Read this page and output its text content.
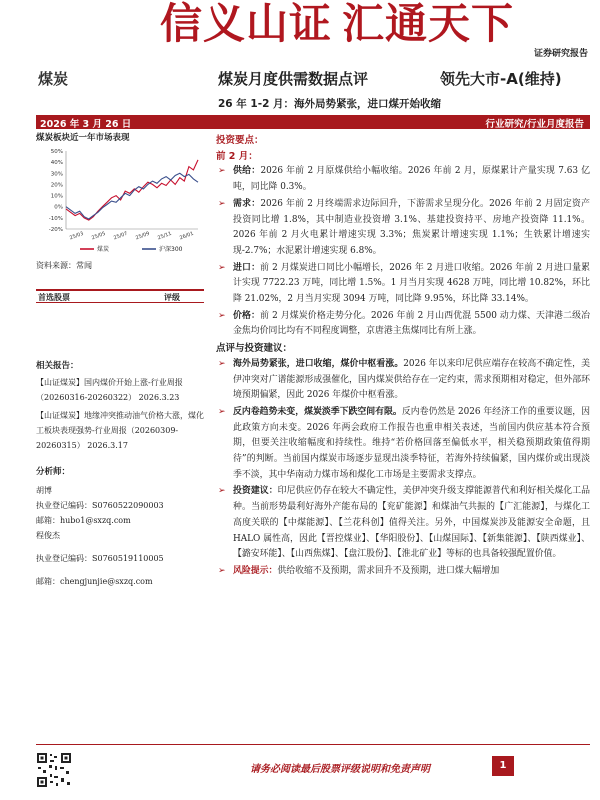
信义山证 汇通天下
证券研究报告
煤炭	煤炭月度供需数据点评	领先大市-A(维持)
26 年 1-2 月：海外局势紧张，进口煤开始收缩
2026 年 3 月 26 日	行业研究/行业月度报告
煤炭板块近一年市场表现
-20%
-10%
0%
10%
20%
30%
40%
50%
25/03 25/05 25/07 25/09 25/11 26/01
煤炭	沪深300
资料来源：常闻
首选股票	评级
相关报告：

【山证煤炭】国内煤价开始上涨-行业周报（20260316-20260322） 2026.3.23

【山证煤炭】地缘冲突推动油气价格大涨，煤化工板块表现强势-行业周报（20260309-20260315） 2026.3.17

分析师：
胡博
执业登记编码：S0760522090003
邮箱：hubo1@sxzq.com
程俊杰
执业登记编码：S0760519110005
邮箱：chengjunjie@sxzq.com
投资要点：
前 2 月：

➢ 供给：2026 年前 2 月原煤供给小幅收缩。2026 年前 2 月，原煤累计产量实现 7.63 亿吨，同比降 0.3%。

➢ 需求：2026 年前 2 月终端需求边际回升，下游需求呈现分化。2026 年前 2 月固定资产投资同比增 1.8%，其中制造业投资增 3.1%、基建投资持平、房地产投资降 11.1%。2026 年前 2 月火电累计增速实现 3.3%；焦炭累计增速实现 1.1%；生铁累计增速实现-2.7%；水泥累计增速实现 6.8%。

➢ 进口：前 2 月煤炭进口同比小幅增长，2026 年 2 月进口收缩。2026 年前 2 月进口量累计实现 7722.23 万吨，同比增 1.5%。1 月当月实现 4628 万吨，同比增 10.82%，环比降 21.02%，2 月当月实现 3094 万吨，同比降 9.95%，环比降 33.14%。

➢ 价格：前 2 月煤炭价格走势分化。2026 年前 2 月山西优混 5500 动力煤、天津港二级冶金焦均价同比均有不同程度调整，京唐港主焦煤同比有所上涨。

点评与投资建议：

➢ 海外局势紧张，进口收缩，煤价中枢看涨。2026 年以来印尼供应端存在较高不确定性，美伊冲突对广谱能源形成强催化，国内煤炭供给存在一定约束，需求预期相对稳定，但外部环境预期偏紧，因此 2026 年煤价中枢看涨。

➢ 反内卷趋势未变，煤炭淡季下跌空间有限。反内卷仍然是 2026 年经济工作的重要议题，因此政策方向未变。2026 年两会政府工作报告也重申相关表述，当前国内供应基本符合预期，但要关注收缩幅度和持续性。维持“若价格回落至偏低水平，相关稳预期政策值得期待”的判断。当前国内煤炭市场逐步显现出淡季特征，若海外持续偏紧，国内煤价或出现淡季不淡，其中华南动力煤市场和煤化工市场是主要需求支撑点。

➢ 投资建议：印尼供应仍存在较大不确定性，美伊冲突升级支撑能源普代和利好相关煤化工品种。当前形势最利好海外产能布局的【兖矿能源】和煤油气共振的【广汇能源】，与煤化工高度关联的【中煤能源】、【兰花科创】值得关注。另外，中国煤炭涉及能源安全命题，且 HALO 属性高，因此【晋控煤业】、【华阳股份】、【山煤国际】、【新集能源】、【陕西煤业】、【潞安环能】、【山西焦煤】、【盘江股份】、【淮北矿业】等标的也具备较强配置价值。

➢ 风险提示：供给收缩不及预期，需求回升不及预期，进口煤大幅增加

请务必阅读最后股票评级说明和免责声明	1
